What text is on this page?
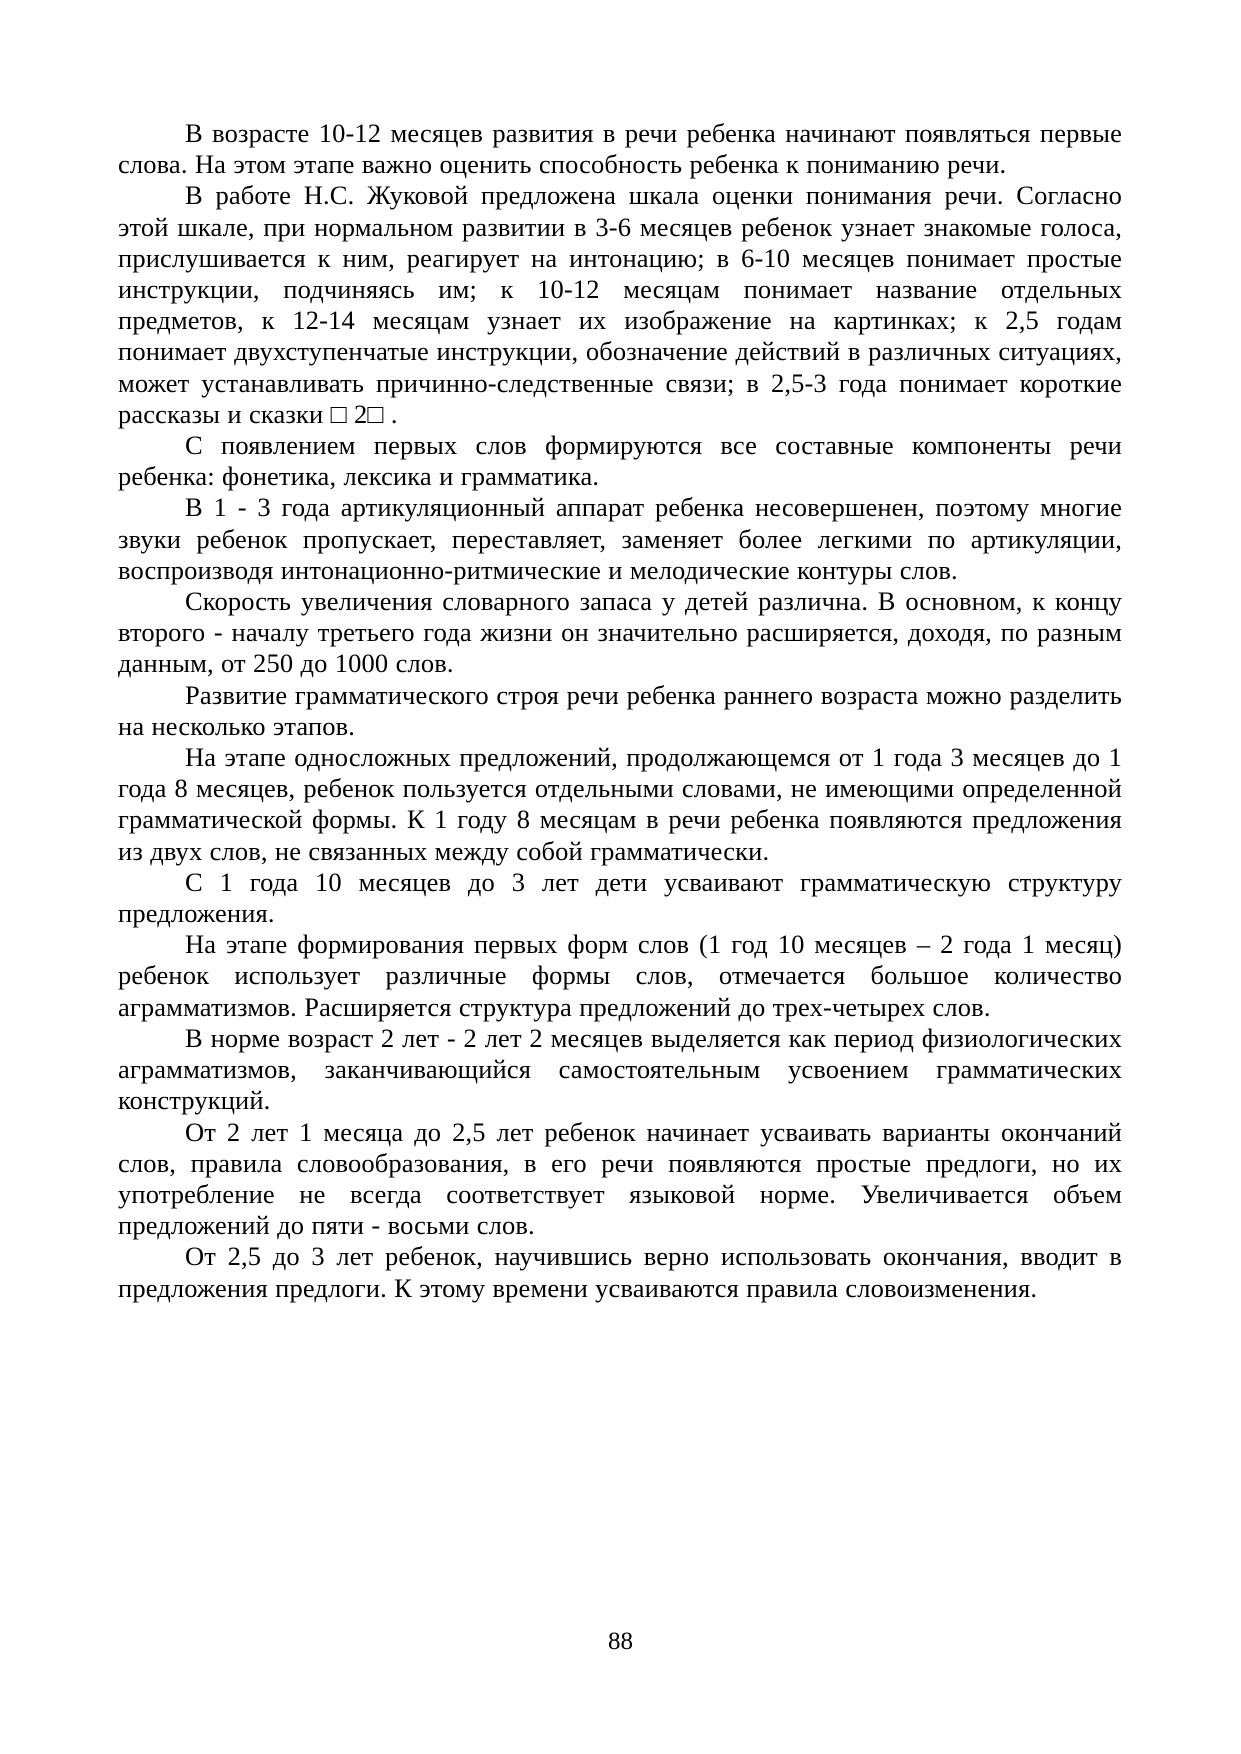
В возрасте 10-12 месяцев развития в речи ребенка начинают появляться первые слова. На этом этапе важно оценить способность ребенка к пониманию речи.

В работе Н.С. Жуковой предложена шкала оценки понимания речи. Согласно этой шкале, при нормальном развитии в 3-6 месяцев ребенок узнает знакомые голоса, прислушивается к ним, реагирует на интонацию; в 6-10 месяцев понимает простые инструкции, подчиняясь им; к 10-12 месяцам понимает название отдельных предметов, к 12-14 месяцам узнает их изображение на картинках; к 2,5 годам понимает двухступенчатые инструкции, обозначение действий в различных ситуациях, может устанавливать причинно-следственные связи; в 2,5-3 года понимает короткие рассказы и сказки □ 2□ .

С появлением первых слов формируются все составные компоненты речи ребенка: фонетика, лексика и грамматика.

В 1 - 3 года артикуляционный аппарат ребенка несовершенен, поэтому многие звуки ребенок пропускает, переставляет, заменяет более легкими по артикуляции, воспроизводя интонационно-ритмические и мелодические контуры слов.

Скорость увеличения словарного запаса у детей различна. В основном, к концу второго - началу третьего года жизни он значительно расширяется, доходя, по разным данным, от 250 до 1000 слов.

Развитие грамматического строя речи ребенка раннего возраста можно разделить на несколько этапов.

На этапе односложных предложений, продолжающемся от 1 года 3 месяцев до 1 года 8 месяцев, ребенок пользуется отдельными словами, не имеющими определенной грамматической формы. К 1 году 8 месяцам в речи ребенка появляются предложения из двух слов, не связанных между собой грамматически.

С 1 года 10 месяцев до 3 лет дети усваивают грамматическую структуру предложения.

На этапе формирования первых форм слов (1 год 10 месяцев – 2 года 1 месяц) ребенок использует различные формы слов, отмечается большое количество аграмматизмов. Расширяется структура предложений до трех-четырех слов.

В норме возраст 2 лет - 2 лет 2 месяцев выделяется как период физиологических аграмматизмов, заканчивающийся самостоятельным усвоением грамматических конструкций.

От 2 лет 1 месяца до 2,5 лет ребенок начинает усваивать варианты окончаний слов, правила словообразования, в его речи появляются простые предлоги, но их употребление не всегда соответствует языковой норме. Увеличивается объем предложений до пяти - восьми слов.

От 2,5 до 3 лет ребенок, научившись верно использовать окончания, вводит в предложения предлоги. К этому времени усваиваются правила словоизменения.

88
